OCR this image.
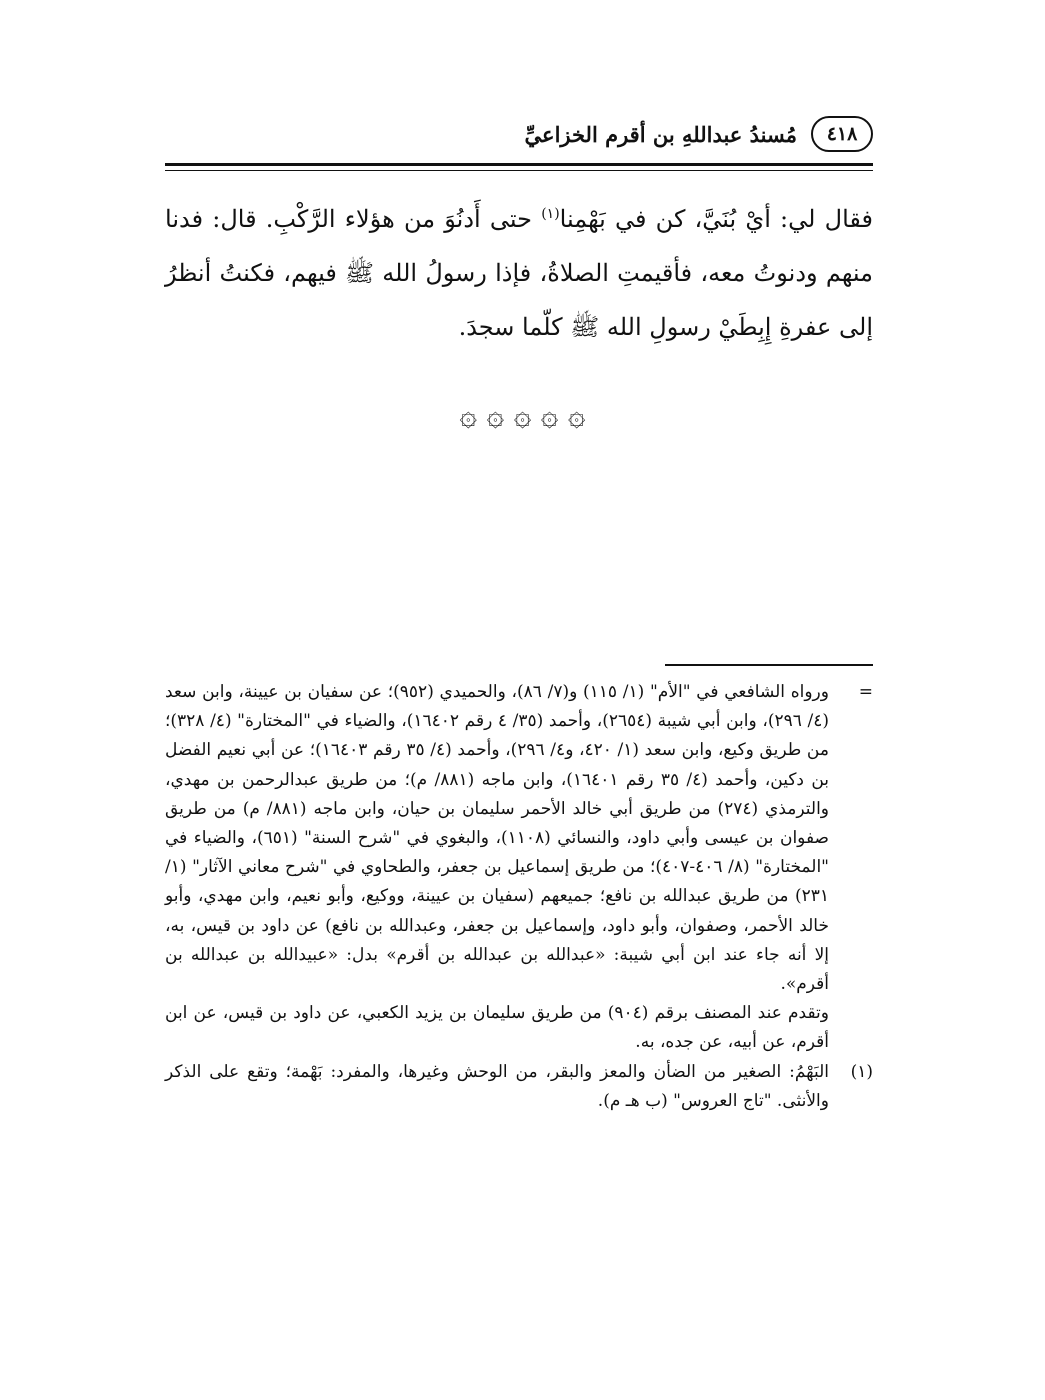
٤١٨
مُسندُ عبداللهِ بن أقرم الخزاعيِّ

فقال لي: أيْ بُنَيَّ، كن في بَهْمِنا$^{(١)}$ حتى أَدنُوَ من هؤلاء الرَّكْبِ. قال: فدنا منهم ودنوتُ معه، فأقيمتِ الصلاةُ، فإذا رسولُ الله ﷺ فيهم، فكنتُ أنظرُ إلى عفرةِ إِبِطَيْ رسولِ الله ﷺ كلّما سجدَ.

۞ ۞ ۞ ۞ ۞
=

ورواه الشافعي في "الأم" (١/ ١١٥) و(٧/ ٨٦)، والحميدي (٩٥٢)؛ عن سفيان بن عيينة، وابن سعد (٤/ ٢٩٦)، وابن أبي شيبة (٢٦٥٤)، وأحمد (٣٥/ ٤ رقم ١٦٤٠٢)، والضياء في "المختارة" (٤/ ٣٢٨)؛ من طريق وكيع، وابن سعد (١/ ٤٢٠، و٤/ ٢٩٦)، وأحمد (٤/ ٣٥ رقم ١٦٤٠٣)؛ عن أبي نعيم الفضل بن دكين، وأحمد (٤/ ٣٥ رقم ١٦٤٠١)، وابن ماجه (٨٨١/ م)؛ من طريق عبدالرحمن بن مهدي، والترمذي (٢٧٤) من طريق أبي خالد الأحمر سليمان بن حيان، وابن ماجه (٨٨١/ م) من طريق صفوان بن عيسى وأبي داود، والنسائي (١١٠٨)، والبغوي في "شرح السنة" (٦٥١)، والضياء في "المختارة" (٨/ ٤٠٦-٤٠٧)؛ من طريق إسماعيل بن جعفر، والطحاوي في "شرح معاني الآثار" (١/ ٢٣١) من طريق عبدالله بن نافع؛ جميعهم (سفيان بن عيينة، ووكيع، وأبو نعيم، وابن مهدي، وأبو خالد الأحمر، وصفوان، وأبو داود، وإسماعيل بن جعفر، وعبدالله بن نافع) عن داود بن قيس، به، إلا أنه جاء عند ابن أبي شيبة: «عبدالله بن عبدالله بن أقرم» بدل: «عبيدالله بن عبدالله بن أقرم».

وتقدم عند المصنف برقم (٩٠٤) من طريق سليمان بن يزيد الكعبي، عن داود بن قيس، عن ابن أقرم، عن أبيه، عن جده، به.

(١)

البَهْمُ: الصغير من الضأن والمعز والبقر، من الوحش وغيرها، والمفرد: بَهْمة؛ وتقع على الذكر والأنثى. "تاج العروس" (ب هـ م).
